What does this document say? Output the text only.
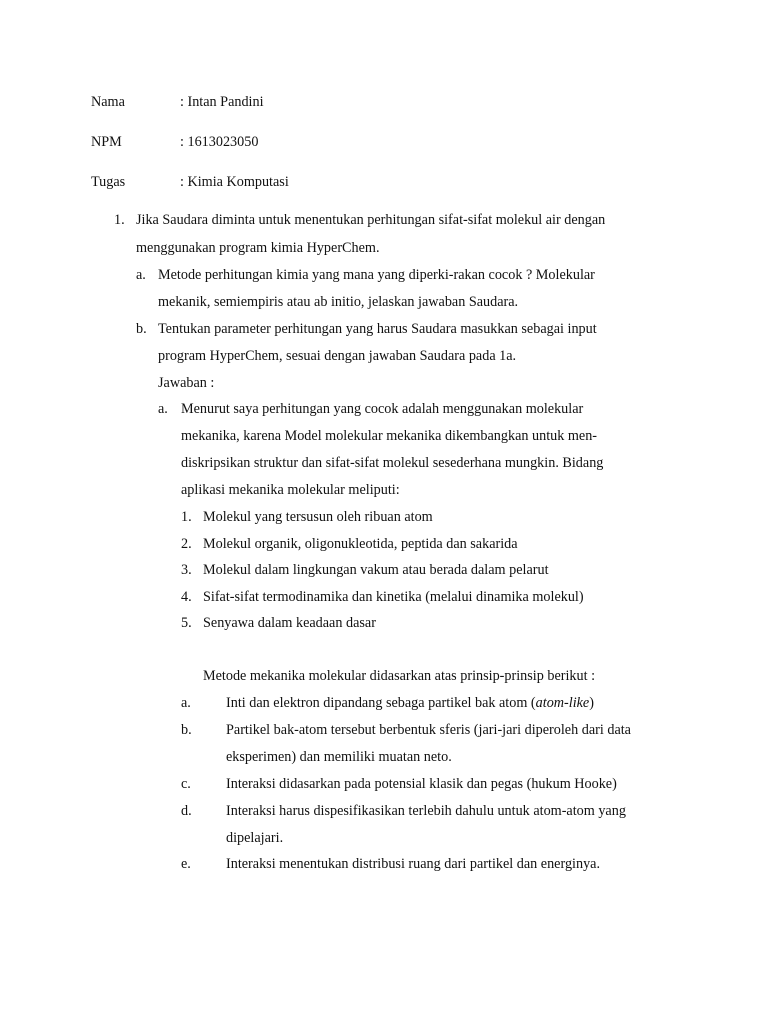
Nama	: Intan Pandini
NPM	: 1613023050
Tugas	: Kimia Komputasi
1. Jika Saudara diminta untuk menentukan perhitungan sifat-sifat molekul air dengan
menggunakan program kimia HyperChem.
a. Metode perhitungan kimia yang mana yang diperki-rakan cocok ? Molekular
mekanik, semiempiris atau ab initio, jelaskan jawaban Saudara.
b. Tentukan parameter perhitungan yang harus Saudara masukkan sebagai input
program HyperChem, sesuai dengan jawaban Saudara pada 1a.
Jawaban :
a. Menurut saya perhitungan yang cocok adalah menggunakan molekular
mekanika, karena Model molekular mekanika dikembangkan untuk men-
diskripsikan struktur dan sifat-sifat molekul sesederhana mungkin. Bidang
aplikasi mekanika molekular meliputi:
1. Molekul yang tersusun oleh ribuan atom
2. Molekul organik, oligonukleotida, peptida dan sakarida
3. Molekul dalam lingkungan vakum atau berada dalam pelarut
4. Sifat-sifat termodinamika dan kinetika (melalui dinamika molekul)
5. Senyawa dalam keadaan dasar
Metode mekanika molekular didasarkan atas prinsip-prinsip berikut :
a. Inti dan elektron dipandang sebaga partikel bak atom (atom-like)
b. Partikel bak-atom tersebut berbentuk sferis (jari-jari diperoleh dari data
eksperimen) dan memiliki muatan neto.
c. Interaksi didasarkan pada potensial klasik dan pegas (hukum Hooke)
d. Interaksi harus dispesifikasikan terlebih dahulu untuk atom-atom yang
dipelajari.
e. Interaksi menentukan distribusi ruang dari partikel dan energinya.
